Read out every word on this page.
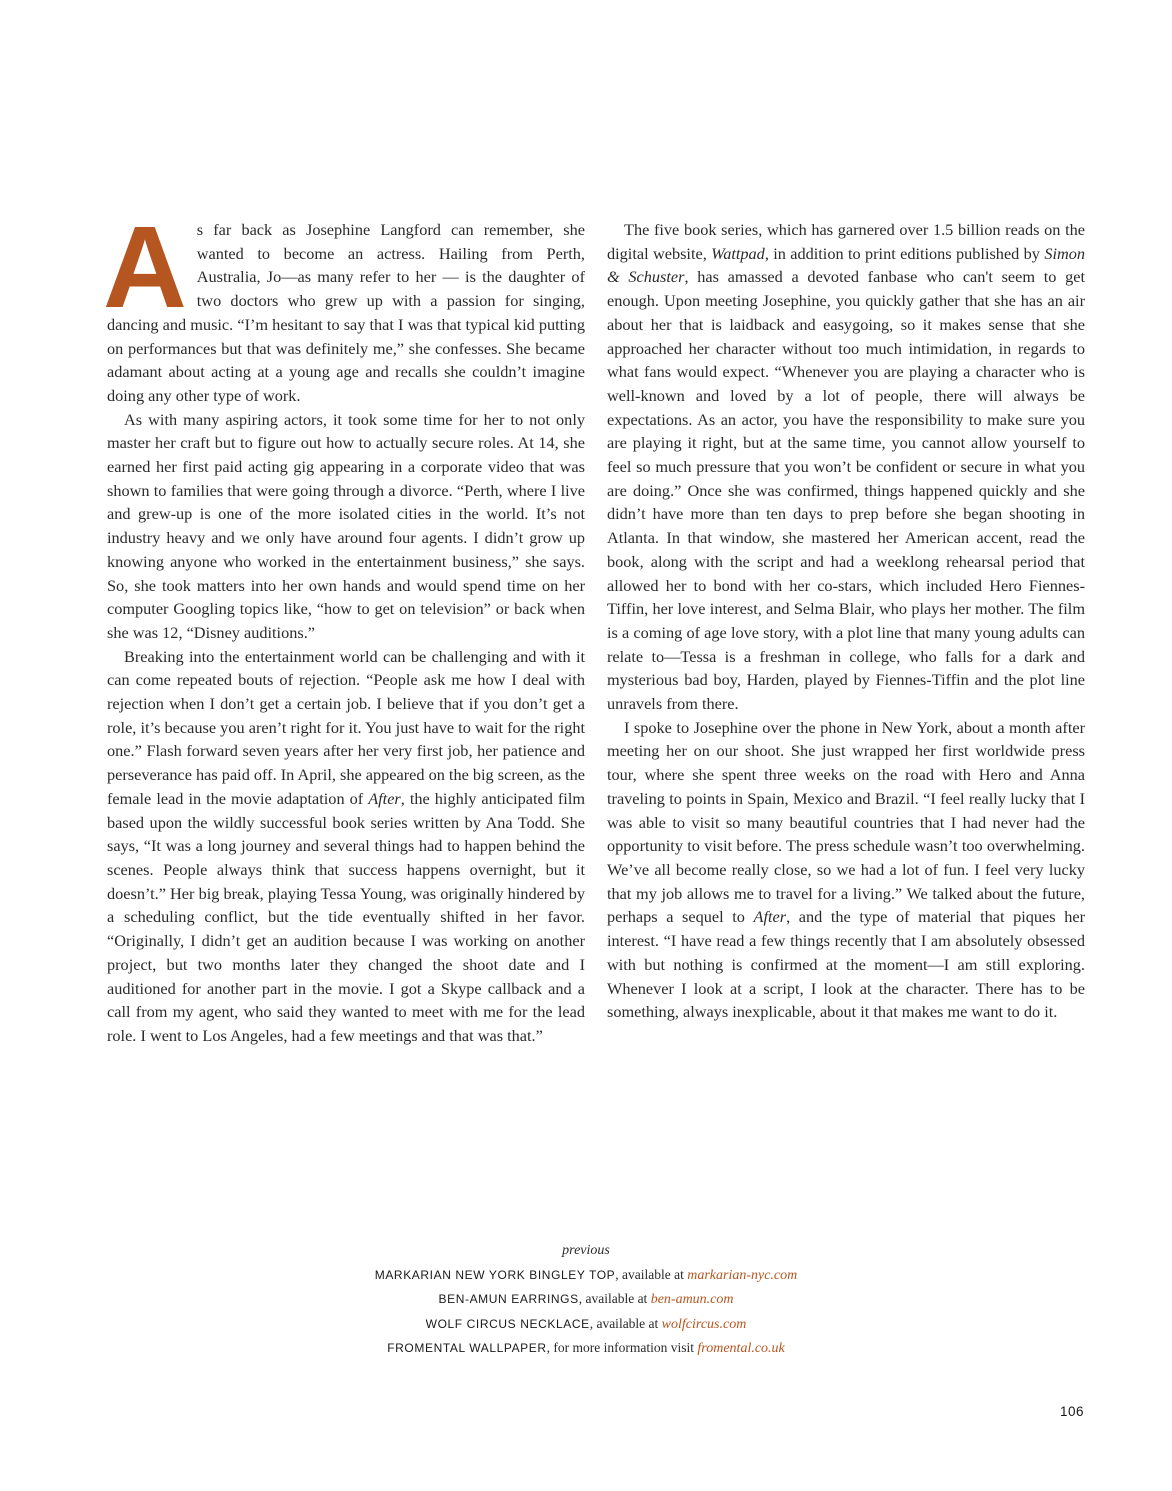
As far back as Josephine Langford can remember, she wanted to become an actress. Hailing from Perth, Australia, Jo—as many refer to her — is the daughter of two doctors who grew up with a passion for singing, dancing and music. “I’m hesitant to say that I was that typical kid putting on performances but that was definitely me,” she confesses. She became adamant about acting at a young age and recalls she couldn’t imagine doing any other type of work.

As with many aspiring actors, it took some time for her to not only master her craft but to figure out how to actually secure roles. At 14, she earned her first paid acting gig appearing in a corporate video that was shown to families that were going through a divorce. “Perth, where I live and grew-up is one of the more isolated cities in the world. It’s not industry heavy and we only have around four agents. I didn’t grow up knowing anyone who worked in the entertainment business,” she says. So, she took matters into her own hands and would spend time on her computer Googling topics like, “how to get on television” or back when she was 12, “Disney auditions.”

Breaking into the entertainment world can be challenging and with it can come repeated bouts of rejection. “People ask me how I deal with rejection when I don’t get a certain job. I believe that if you don’t get a role, it’s because you aren’t right for it. You just have to wait for the right one.” Flash forward seven years after her very first job, her patience and perseverance has paid off. In April, she appeared on the big screen, as the female lead in the movie adaptation of After, the highly anticipated film based upon the wildly successful book series written by Ana Todd. She says, “It was a long journey and several things had to happen behind the scenes. People always think that success happens overnight, but it doesn’t.” Her big break, playing Tessa Young, was originally hindered by a scheduling conflict, but the tide eventually shifted in her favor. “Originally, I didn’t get an audition because I was working on another project, but two months later they changed the shoot date and I auditioned for another part in the movie. I got a Skype callback and a call from my agent, who said they wanted to meet with me for the lead role. I went to Los Angeles, had a few meetings and that was that.”

The five book series, which has garnered over 1.5 billion reads on the digital website, Wattpad, in addition to print editions published by Simon & Schuster, has amassed a devoted fanbase who can't seem to get enough. Upon meeting Josephine, you quickly gather that she has an air about her that is laidback and easygoing, so it makes sense that she approached her character without too much intimidation, in regards to what fans would expect. “Whenever you are playing a character who is well-known and loved by a lot of people, there will always be expectations. As an actor, you have the responsibility to make sure you are playing it right, but at the same time, you cannot allow yourself to feel so much pressure that you won’t be confident or secure in what you are doing.” Once she was confirmed, things happened quickly and she didn’t have more than ten days to prep before she began shooting in Atlanta. In that window, she mastered her American accent, read the book, along with the script and had a weeklong rehearsal period that allowed her to bond with her co-stars, which included Hero Fiennes-Tiffin, her love interest, and Selma Blair, who plays her mother. The film is a coming of age love story, with a plot line that many young adults can relate to—Tessa is a freshman in college, who falls for a dark and mysterious bad boy, Harden, played by Fiennes-Tiffin and the plot line unravels from there.

I spoke to Josephine over the phone in New York, about a month after meeting her on our shoot. She just wrapped her first worldwide press tour, where she spent three weeks on the road with Hero and Anna traveling to points in Spain, Mexico and Brazil. “I feel really lucky that I was able to visit so many beautiful countries that I had never had the opportunity to visit before. The press schedule wasn’t too overwhelming. We’ve all become really close, so we had a lot of fun. I feel very lucky that my job allows me to travel for a living.” We talked about the future, perhaps a sequel to After, and the type of material that piques her interest. “I have read a few things recently that I am absolutely obsessed with but nothing is confirmed at the moment—I am still exploring. Whenever I look at a script, I look at the character. There has to be something, always inexplicable, about it that makes me want to do it.

previous
MARKARIAN NEW YORK BINGLEY TOP, available at markarian-nyc.com
BEN-AMUN EARRINGS, available at ben-amun.com
WOLF CIRCUS NECKLACE, available at wolfcircus.com
FROMENTAL WALLPAPER, for more information visit fromental.co.uk
106
